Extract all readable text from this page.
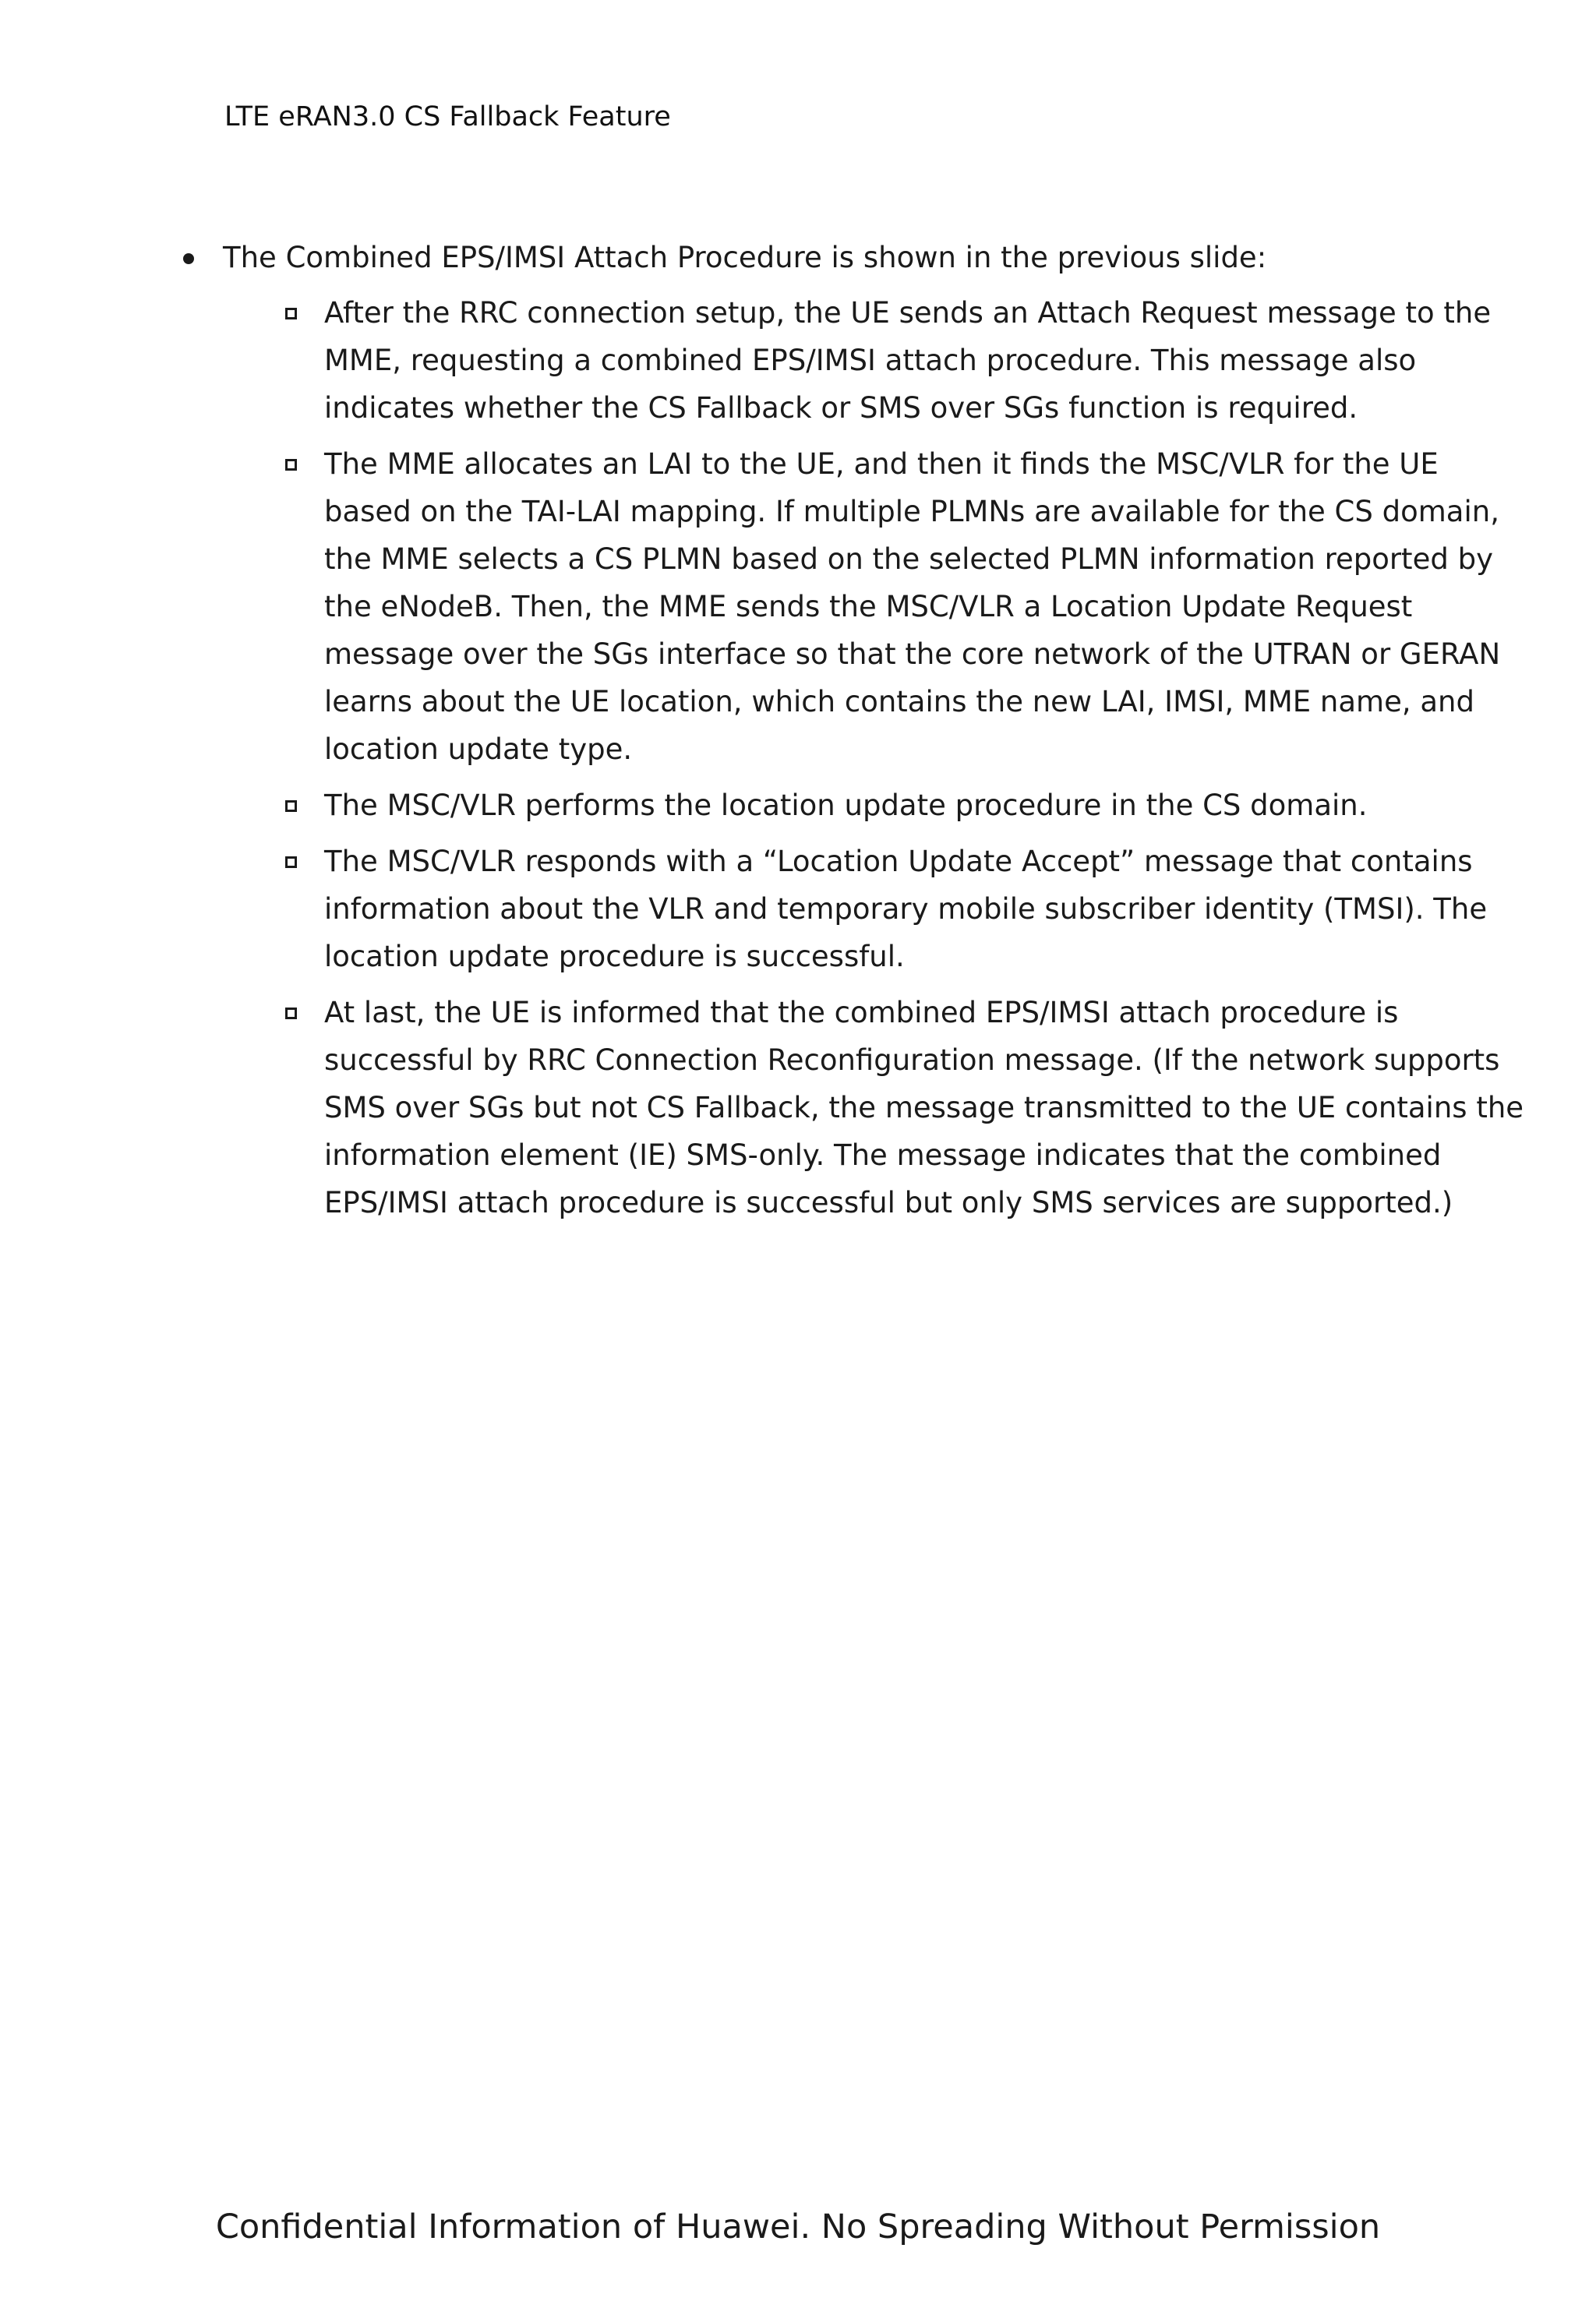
LTE eRAN3.0 CS Fallback Feature
The Combined EPS/IMSI Attach Procedure is shown in the previous slide:
After the RRC connection setup, the UE sends an Attach Request message to the
MME, requesting a combined EPS/IMSI attach procedure. This message also
indicates whether the CS Fallback or SMS over SGs function is required.
The MME allocates an LAI to the UE, and then it finds the MSC/VLR for the UE
based on the TAI-LAI mapping. If multiple PLMNs are available for the CS domain,
the MME selects a CS PLMN based on the selected PLMN information reported by
the eNodeB. Then, the MME sends the MSC/VLR a Location Update Request
message over the SGs interface so that the core network of the UTRAN or GERAN
learns about the UE location, which contains the new LAI, IMSI, MME name, and
location update type.
The MSC/VLR performs the location update procedure in the CS domain.
The MSC/VLR responds with a “Location Update Accept” message that contains
information about the VLR and temporary mobile subscriber identity (TMSI). The
location update procedure is successful.
At last, the UE is informed that the combined EPS/IMSI attach procedure is
successful by RRC Connection Reconfiguration message. (If the network supports
SMS over SGs but not CS Fallback, the message transmitted to the UE contains the
information element (IE) SMS-only. The message indicates that the combined
EPS/IMSI attach procedure is successful but only SMS services are supported.)
Confidential Information of Huawei. No Spreading Without Permission
